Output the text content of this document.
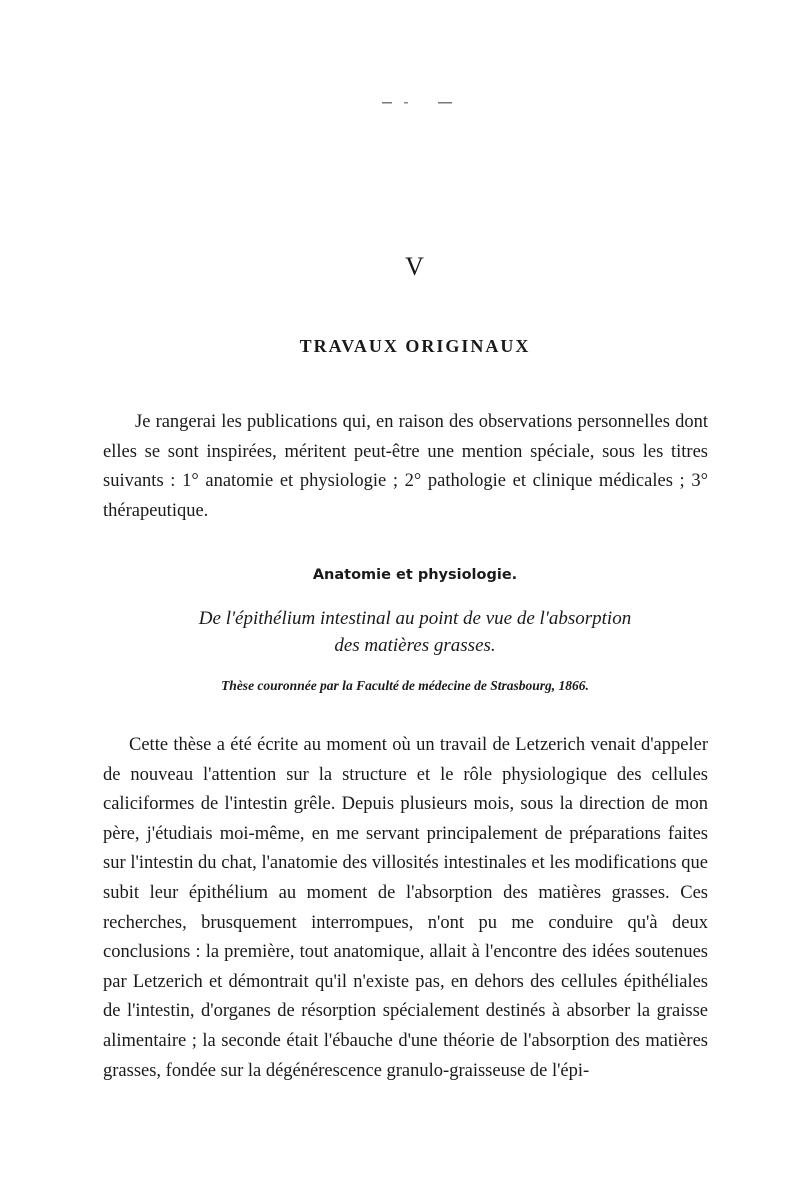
V
TRAVAUX ORIGINAUX

Je rangerai les publications qui, en raison des observations personnelles dont elles se sont inspirées, méritent peut-être une mention spéciale, sous les titres suivants : 1° anatomie et physiologie ; 2° pathologie et clinique médicales ; 3° thérapeutique.

Anatomie et physiologie.
De l'épithélium intestinal au point de vue de l'absorption
des matières grasses.
Thèse couronnée par la Faculté de médecine de Strasbourg, 1866.

Cette thèse a été écrite au moment où un travail de Letzerich venait d'appeler de nouveau l'attention sur la structure et le rôle physiologique des cellules caliciformes de l'intestin grêle. Depuis plusieurs mois, sous la direction de mon père, j'étudiais moi-même, en me servant principalement de préparations faites sur l'intestin du chat, l'anatomie des villosités intestinales et les modifications que subit leur épithélium au moment de l'absorption des matières grasses. Ces recherches, brusquement interrompues, n'ont pu me conduire qu'à deux conclusions : la première, tout anatomique, allait à l'encontre des idées soutenues par Letzerich et démontrait qu'il n'existe pas, en dehors des cellules épithéliales de l'intestin, d'organes de résorption spécialement destinés à absorber la graisse alimentaire ; la seconde était l'ébauche d'une théorie de l'absorption des matières grasses, fondée sur la dégénérescence granulo-graisseuse de l'épi-
